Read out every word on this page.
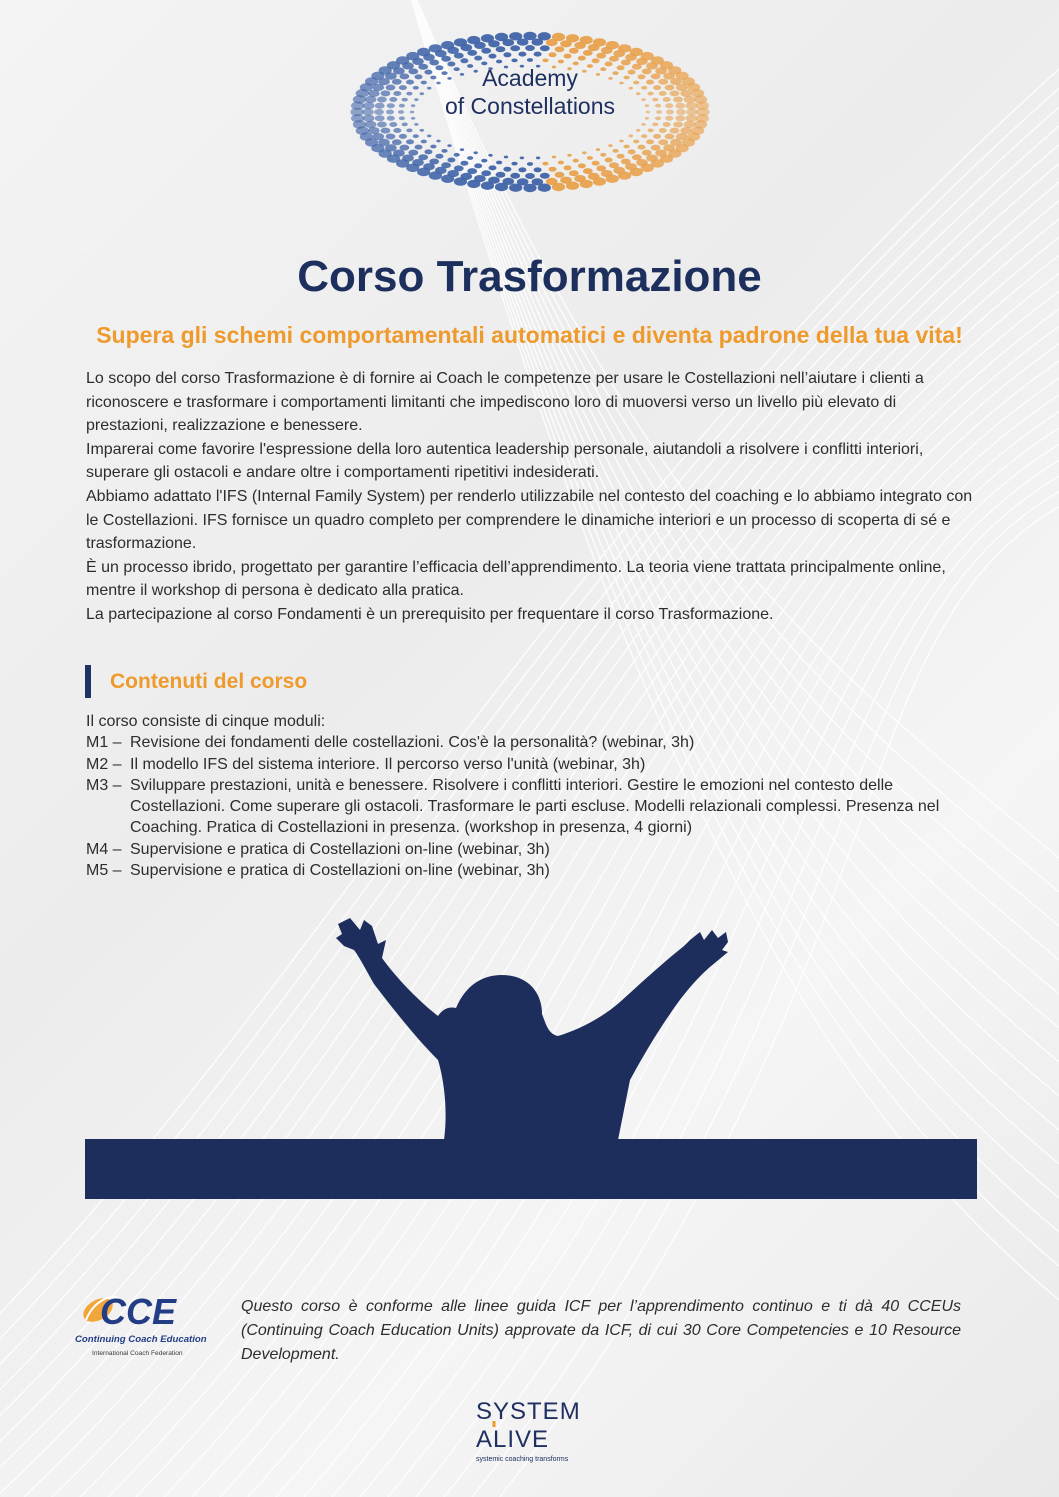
Academy
of Constellations
Corso Trasformazione
Supera gli schemi comportamentali automatici e diventa padrone della tua vita!

Lo scopo del corso Trasformazione è di fornire ai Coach le competenze per usare le Costellazioni nell’aiutare i clienti a riconoscere e trasformare i comportamenti limitanti che impediscono loro di muoversi verso un livello più elevato di prestazioni, realizzazione e benessere.

Imparerai come favorire l'espressione della loro autentica leadership personale, aiutandoli a risolvere i conflitti interiori, superare gli ostacoli e andare oltre i comportamenti ripetitivi indesiderati.

Abbiamo adattato l'IFS (Internal Family System) per renderlo utilizzabile nel contesto del coaching e lo abbiamo integrato con le Costellazioni. IFS fornisce un quadro completo per comprendere le dinamiche interiori e un processo di scoperta di sé e trasformazione.

È un processo ibrido, progettato per garantire l’efficacia dell’apprendimento. La teoria viene trattata principalmente online, mentre il workshop di persona è dedicato alla pratica.

La partecipazione al corso Fondamenti è un prerequisito per frequentare il corso Trasformazione.

Contenuti del corso
Il corso consiste di cinque moduli:
M1 – Revisione dei fondamenti delle costellazioni. Cos'è la personalità? (webinar, 3h)
M2 – Il modello IFS del sistema interiore. Il percorso verso l'unità (webinar, 3h)
M3 – Sviluppare prestazioni, unità e benessere. Risolvere i conflitti interiori. Gestire le emozioni nel contesto delle Costellazioni. Come superare gli ostacoli. Trasformare le parti escluse. Modelli relazionali complessi. Presenza nel Coaching. Pratica di Costellazioni in presenza. (workshop in presenza, 4 giorni)
M4 – Supervisione e pratica di Costellazioni on-line (webinar, 3h)
M5 – Supervisione e pratica di Costellazioni on-line (webinar, 3h)
CCE
Continuing Coach Education
International Coach Federation
Questo corso è conforme alle linee guida ICF per l’apprendimento continuo e ti dà 40 CCEUs (Continuing Coach Education Units) approvate da ICF, di cui 30 Core Competencies e 10 Resource Development.
SYSTEM
ALIVE
systemic coaching transforms
